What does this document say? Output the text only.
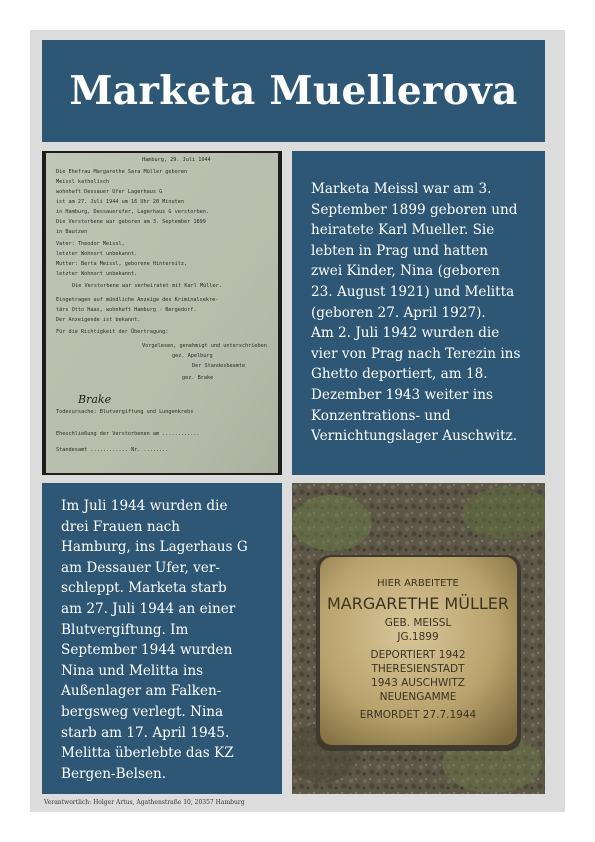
Marketa Muellerova
Hamburg, 29. Juli 1944
Die Ehefrau Margarethe Sara Müller geboren
Meissl katholisch
wohnhaft Dessauer Ufer Lagerhaus G
ist am 27. Juli 1944 um 16 Uhr 20 Minuten
in Hamburg, Dessauerufer, Lagerhaus G verstorben.
Die Verstorbene war geboren am 3. September 1899
in Bautzen
Vater: Theodor Meissl,
letzter Wohnort unbekannt.
Mutter: Berta Meissl, geborene Hinternitz,
letzter Wohnort unbekannt.
Die Verstorbene war verheiratet mit Karl Müller.
Eingetragen auf mündliche Anzeige des Kriminalsekre-
tärs Otto Haas, wohnhaft Hamburg - Bergedorf.
Der Anzeigende ist bekannt.
Für die Richtigkeit der Übertragung:
Vorgelesen, genehmigt und unterschrieben
gez. Apelburg
Der Standesbeamte
gez. Brake
Todesursache: Blutvergiftung und Lungenkrebs
Eheschließung der Verstorbenen am ............
Standesamt ............ Nr. ........
Brake

Marketa Meissl war am 3.
September 1899 geboren und
heiratete Karl Mueller. Sie
lebten in Prag und hatten
zwei Kinder, Nina (geboren
23. August 1921) und Melitta
(geboren 27. April 1927).
Am 2. Juli 1942 wurden die
vier von Prag nach Terezin ins
Ghetto deportiert, am 18.
Dezember 1943 weiter ins
Konzentrations- und
Vernichtungslager Auschwitz.

Im Juli 1944 wurden die
drei Frauen nach
Hamburg, ins Lagerhaus G
am Dessauer Ufer, ver-
schleppt. Marketa starb
am 27. Juli 1944 an einer
Blutvergiftung. Im
September 1944 wurden
Nina und Melitta ins
Außenlager am Falken-
bergsweg verlegt. Nina
starb am 17. April 1945.
Melitta überlebte das KZ
Bergen-Belsen.

HIER ARBEITETE
MARGARETHE MÜLLER
GEB. MEISSL
JG.1899
DEPORTIERT 1942
THERESIENSTADT
1943 AUSCHWITZ
NEUENGAMME
ERMORDET 27.7.1944
Verantwortlich: Holger Artus, Agathenstraße 10, 20357 Hamburg
